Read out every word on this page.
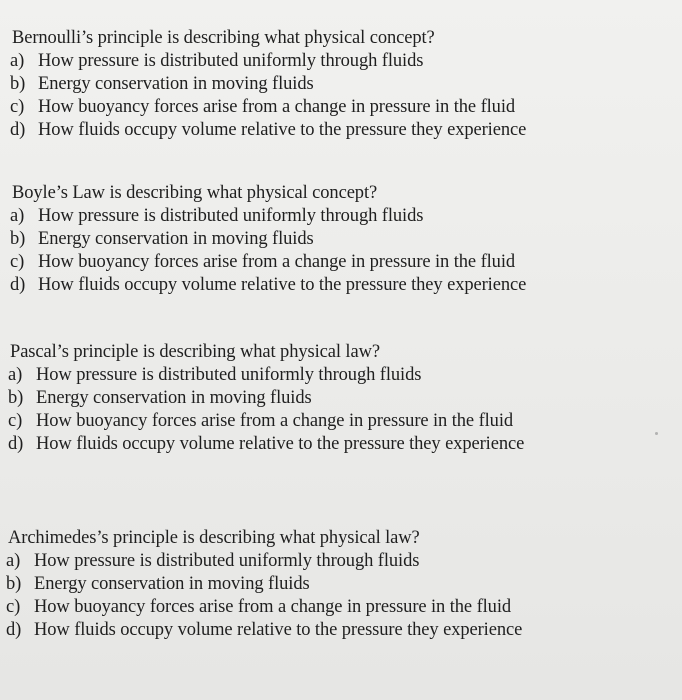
Bernoulli’s principle is describing what physical concept?
a) How pressure is distributed uniformly through fluids
b) Energy conservation in moving fluids
c) How buoyancy forces arise from a change in pressure in the fluid
d) How fluids occupy volume relative to the pressure they experience
Boyle’s Law is describing what physical concept?
a) How pressure is distributed uniformly through fluids
b) Energy conservation in moving fluids
c) How buoyancy forces arise from a change in pressure in the fluid
d) How fluids occupy volume relative to the pressure they experience
Pascal’s principle is describing what physical law?
a) How pressure is distributed uniformly through fluids
b) Energy conservation in moving fluids
c) How buoyancy forces arise from a change in pressure in the fluid
d) How fluids occupy volume relative to the pressure they experience
Archimedes’s principle is describing what physical law?
a) How pressure is distributed uniformly through fluids
b) Energy conservation in moving fluids
c) How buoyancy forces arise from a change in pressure in the fluid
d) How fluids occupy volume relative to the pressure they experience
